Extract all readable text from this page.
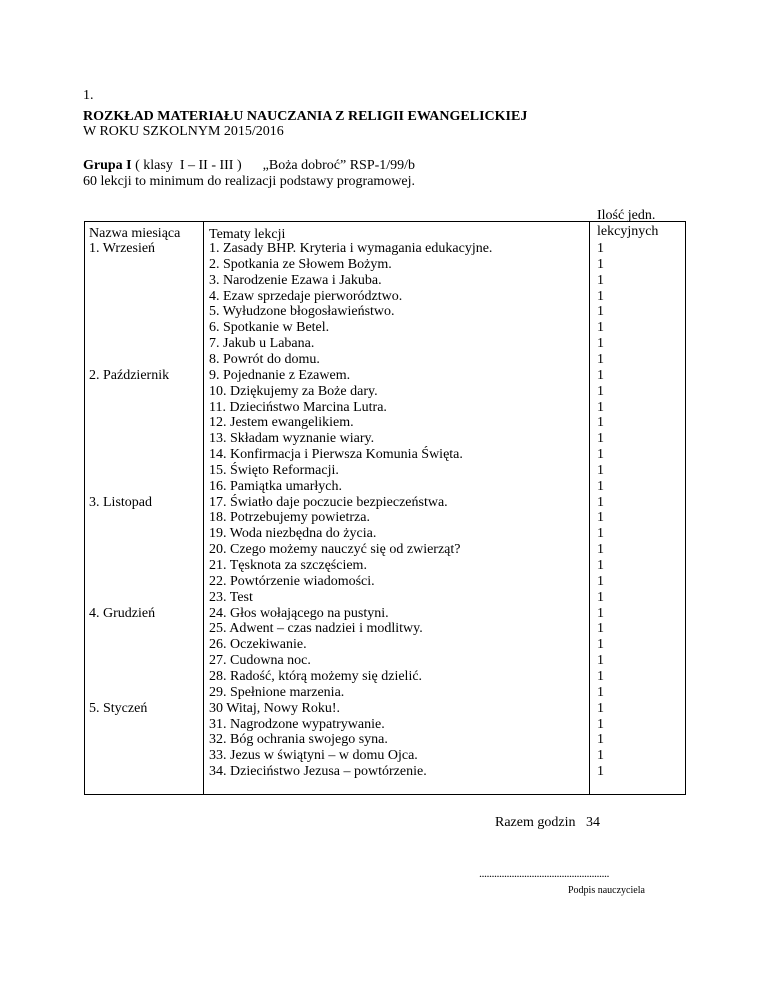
1.
ROZKŁAD MATERIAŁU NAUCZANIA Z RELIGII EWANGELICKIEJ
W ROKU SZKOLNYM 2015/2016
Grupa I ( klasy  I – II - III )      „Boża dobroć” RSP-1/99/b
60 lekcji to minimum do realizacji podstawy programowej.
Nazwa miesiąca
1. Wrzesień
2. Październik
3. Listopad
4. Grudzień
5. Styczeń
Tematy lekcji
1. Zasady BHP. Kryteria i wymagania edukacyjne.
2. Spotkania ze Słowem Bożym.
3. Narodzenie Ezawa i Jakuba.
4. Ezaw sprzedaje pierworództwo.
5. Wyłudzone błogosławieństwo.
6. Spotkanie w Betel.
7. Jakub u Labana.
8. Powrót do domu.
9. Pojednanie z Ezawem.
10. Dziękujemy za Boże dary.
11. Dzieciństwo Marcina Lutra.
12. Jestem ewangelikiem.
13. Składam wyznanie wiary.
14. Konfirmacja i Pierwsza Komunia Święta.
15. Święto Reformacji.
16. Pamiątka umarłych.
17. Światło daje poczucie bezpieczeństwa.
18. Potrzebujemy powietrza.
19. Woda niezbędna do życia.
20. Czego możemy nauczyć się od zwierząt?
21. Tęsknota za szczęściem.
22. Powtórzenie wiadomości.
23. Test
24. Głos wołającego na pustyni.
25. Adwent – czas nadziei i modlitwy.
26. Oczekiwanie.
27. Cudowna noc.
28. Radość, którą możemy się dzielić.
29. Spełnione marzenia.
30 Witaj, Nowy Roku!.
31. Nagrodzone wypatrywanie.
32. Bóg ochrania swojego syna.
33. Jezus w świątyni – w domu Ojca.
34. Dzieciństwo Jezusa – powtórzenie.
Ilość jedn.
lekcyjnych
1
1
1
1
1
1
1
1
1
1
1
1
1
1
1
1
1
1
1
1
1
1
1
1
1
1
1
1
1
1
1
1
1
1
Razem godzin 34
....................................................
Podpis nauczyciela
